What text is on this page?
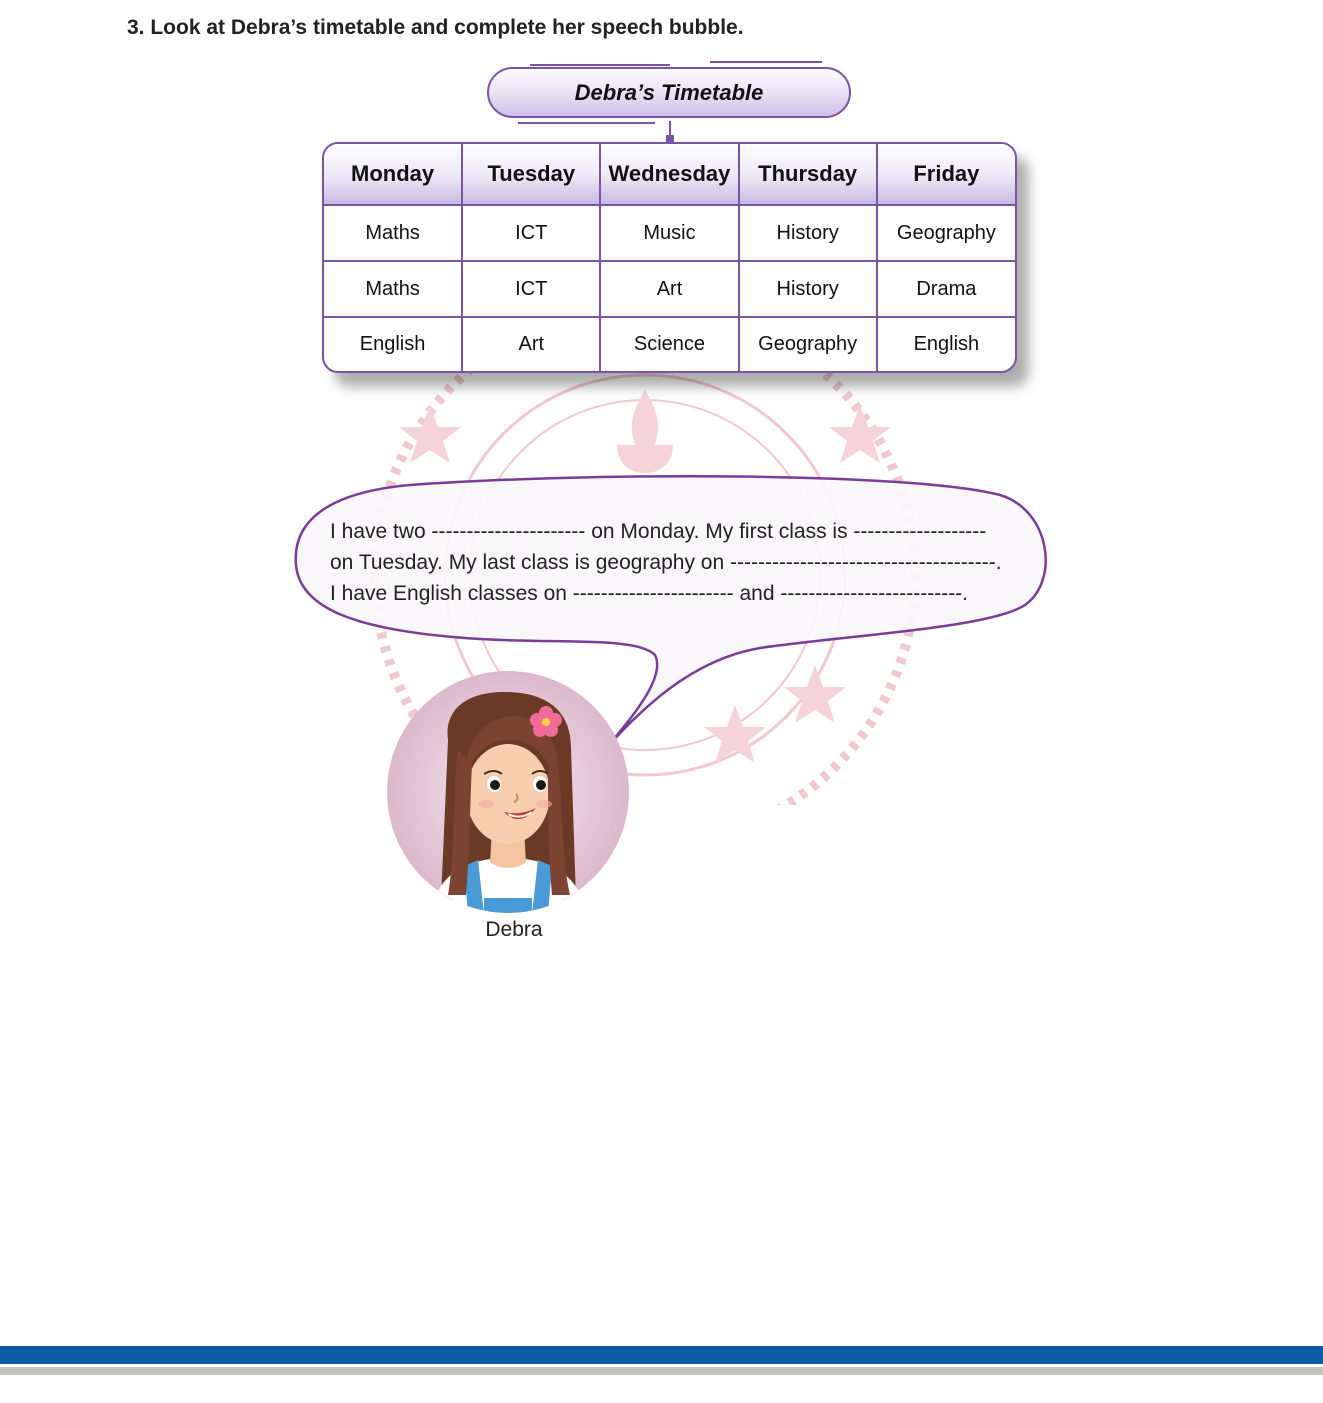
3. Look at Debra’s timetable and complete her speech bubble.
Debra’s Timetable
Monday	Tuesday	Wednesday	Thursday	Friday
Maths	ICT	Music	History	Geography
Maths	ICT	Art	History	Drama
English	Art	Science	Geography	English
I have two ---------------------- on Monday. My first class is -------------------
on Tuesday. My last class is geography on --------------------------------------.
I have English classes on ----------------------- and --------------------------.
Debra
